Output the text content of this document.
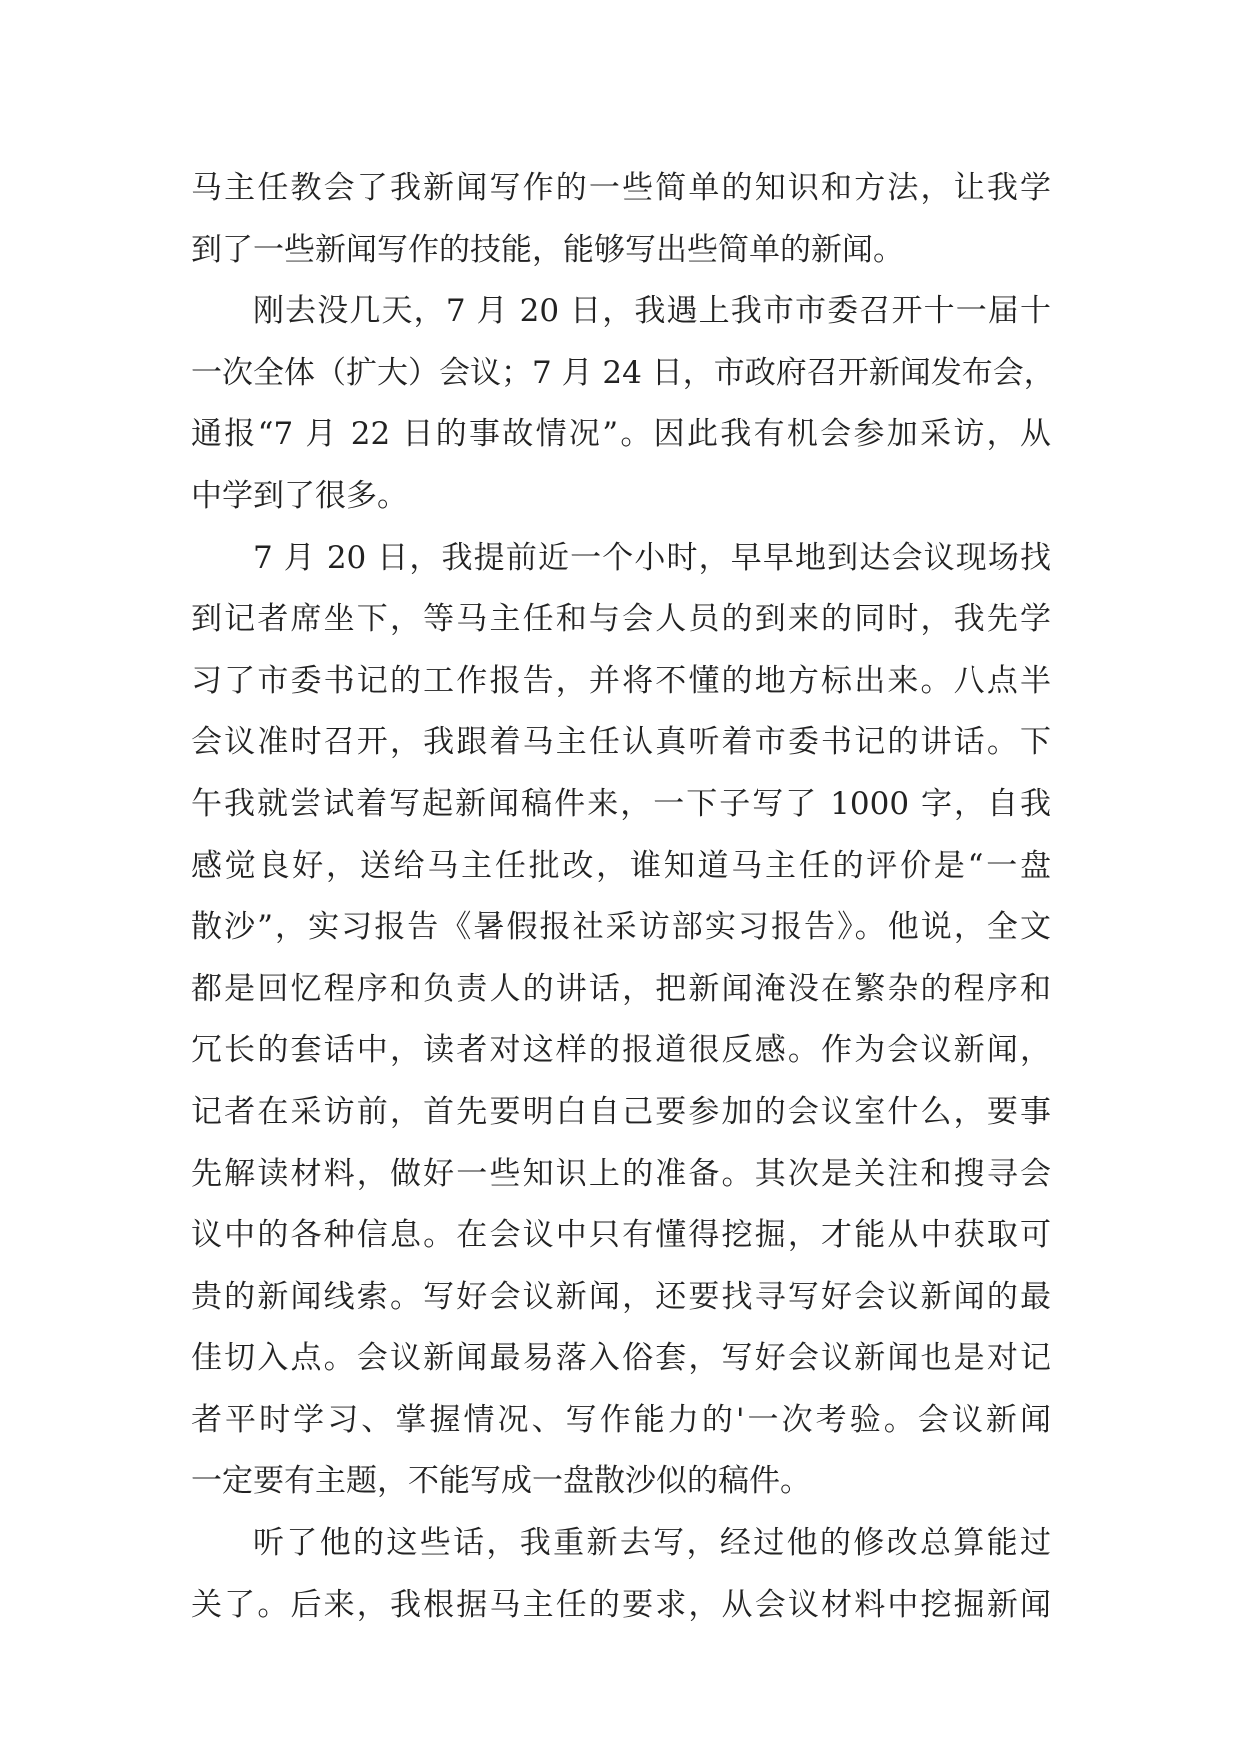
马主任教会了我新闻写作的一些简单的知识和方法，让我学
到了一些新闻写作的技能，能够写出些简单的新闻。
刚去没几天，7 月 20 日，我遇上我市市委召开十一届十
一次全体（扩大）会议；7 月 24 日，市政府召开新闻发布会，
通报“7 月 22 日的事故情况”。因此我有机会参加采访，从
中学到了很多。
7 月 20 日，我提前近一个小时，早早地到达会议现场找
到记者席坐下，等马主任和与会人员的到来的同时，我先学
习了市委书记的工作报告，并将不懂的地方标出来。八点半
会议准时召开，我跟着马主任认真听着市委书记的讲话。下
午我就尝试着写起新闻稿件来，一下子写了 1000 字，自我
感觉良好，送给马主任批改，谁知道马主任的评价是“一盘
散沙”，实习报告《暑假报社采访部实习报告》。他说，全文
都是回忆程序和负责人的讲话，把新闻淹没在繁杂的程序和
冗长的套话中，读者对这样的报道很反感。作为会议新闻，
记者在采访前，首先要明白自己要参加的会议室什么，要事
先解读材料，做好一些知识上的准备。其次是关注和搜寻会
议中的各种信息。在会议中只有懂得挖掘，才能从中获取可
贵的新闻线索。写好会议新闻，还要找寻写好会议新闻的最
佳切入点。会议新闻最易落入俗套，写好会议新闻也是对记
者平时学习、掌握情况、写作能力的'一次考验。会议新闻
一定要有主题，不能写成一盘散沙似的稿件。
听了他的这些话，我重新去写，经过他的修改总算能过
关了。后来，我根据马主任的要求，从会议材料中挖掘新闻
